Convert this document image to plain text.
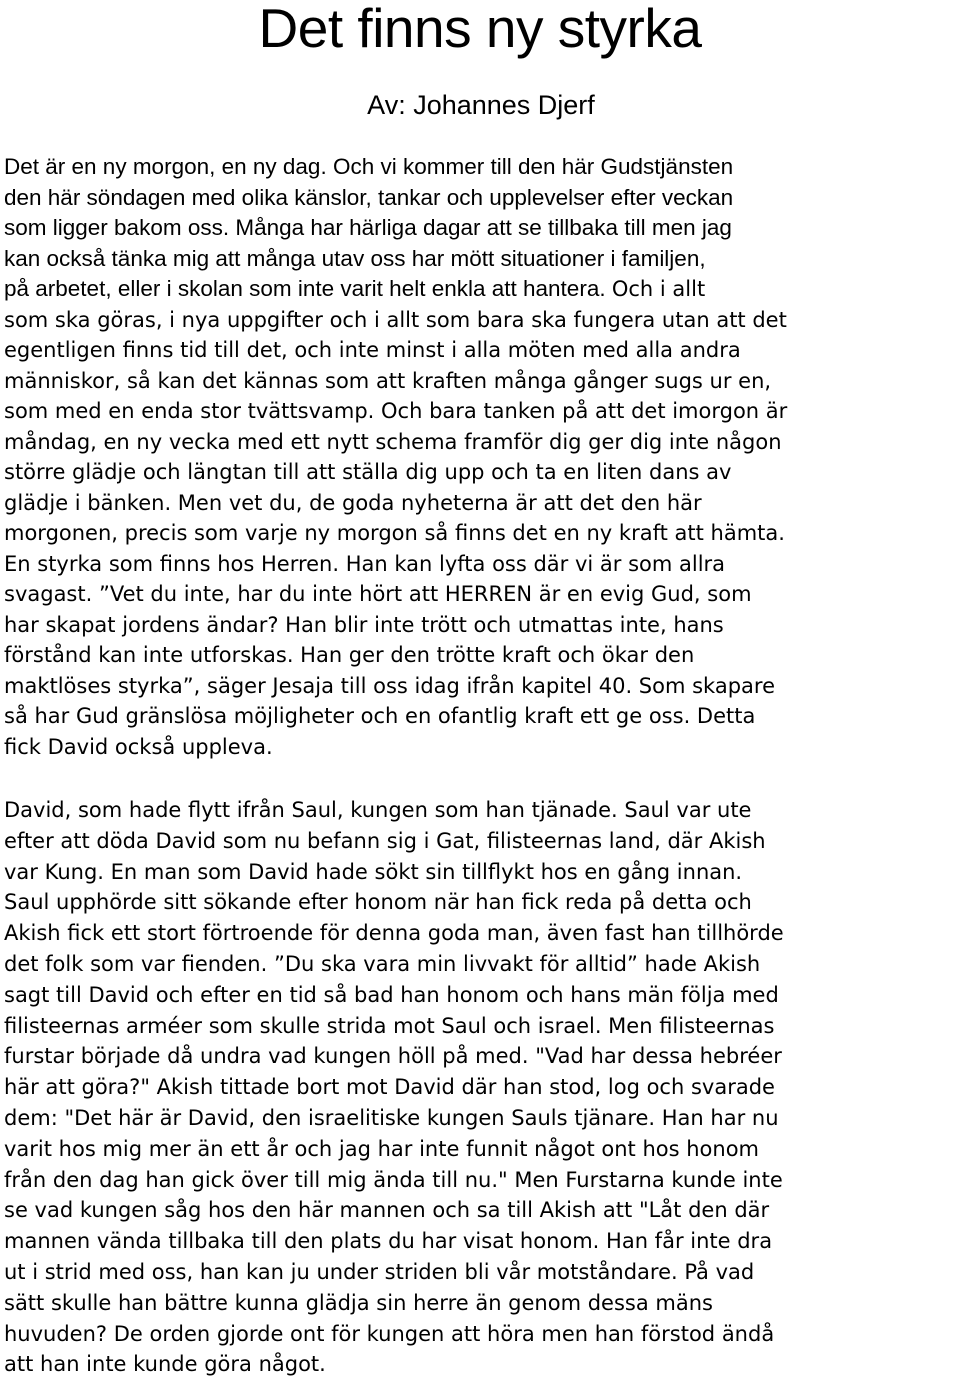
Det finns ny styrka
Av: Johannes Djerf
Det är en ny morgon, en ny dag. Och vi kommer till den här Gudstjänsten
den här söndagen med olika känslor, tankar och upplevelser efter veckan
som ligger bakom oss. Många har härliga dagar att se tillbaka till men jag
kan också tänka mig att många utav oss har mött situationer i familjen,
på arbetet, eller i skolan som inte varit helt enkla att hantera. Och i allt
som ska göras, i nya uppgifter och i allt som bara ska fungera utan att det
egentligen finns tid till det, och inte minst i alla möten med alla andra
människor, så kan det kännas som att kraften många gånger sugs ur en,
som med en enda stor tvättsvamp. Och bara tanken på att det imorgon är
måndag, en ny vecka med ett nytt schema framför dig ger dig inte någon
större glädje och längtan till att ställa dig upp och ta en liten dans av
glädje i bänken. Men vet du, de goda nyheterna är att det den här
morgonen, precis som varje ny morgon så finns det en ny kraft att hämta.
En styrka som finns hos Herren. Han kan lyfta oss där vi är som allra
svagast. ”Vet du inte, har du inte hört att HERREN är en evig Gud, som
har skapat jordens ändar? Han blir inte trött och utmattas inte, hans
förstånd kan inte utforskas. Han ger den trötte kraft och ökar den
maktlöses styrka”, säger Jesaja till oss idag ifrån kapitel 40. Som skapare
så har Gud gränslösa möjligheter och en ofantlig kraft ett ge oss. Detta
fick David också uppleva.
David, som hade flytt ifrån Saul, kungen som han tjänade. Saul var ute
efter att döda David som nu befann sig i Gat, filisteernas land, där Akish
var Kung. En man som David hade sökt sin tillflykt hos en gång innan.
Saul upphörde sitt sökande efter honom när han fick reda på detta och
Akish fick ett stort förtroende för denna goda man, även fast han tillhörde
det folk som var fienden. ”Du ska vara min livvakt för alltid” hade Akish
sagt till David och efter en tid så bad han honom och hans män följa med
filisteernas arméer som skulle strida mot Saul och israel. Men filisteernas
furstar började då undra vad kungen höll på med. "Vad har dessa hebréer
här att göra?" Akish tittade bort mot David där han stod, log och svarade
dem: "Det här är David, den israelitiske kungen Sauls tjänare. Han har nu
varit hos mig mer än ett år och jag har inte funnit något ont hos honom
från den dag han gick över till mig ända till nu." Men Furstarna kunde inte
se vad kungen såg hos den här mannen och sa till Akish att "Låt den där
mannen vända tillbaka till den plats du har visat honom. Han får inte dra
ut i strid med oss, han kan ju under striden bli vår motståndare. På vad
sätt skulle han bättre kunna glädja sin herre än genom dessa mäns
huvuden? De orden gjorde ont för kungen att höra men han förstod ändå
att han inte kunde göra något.
